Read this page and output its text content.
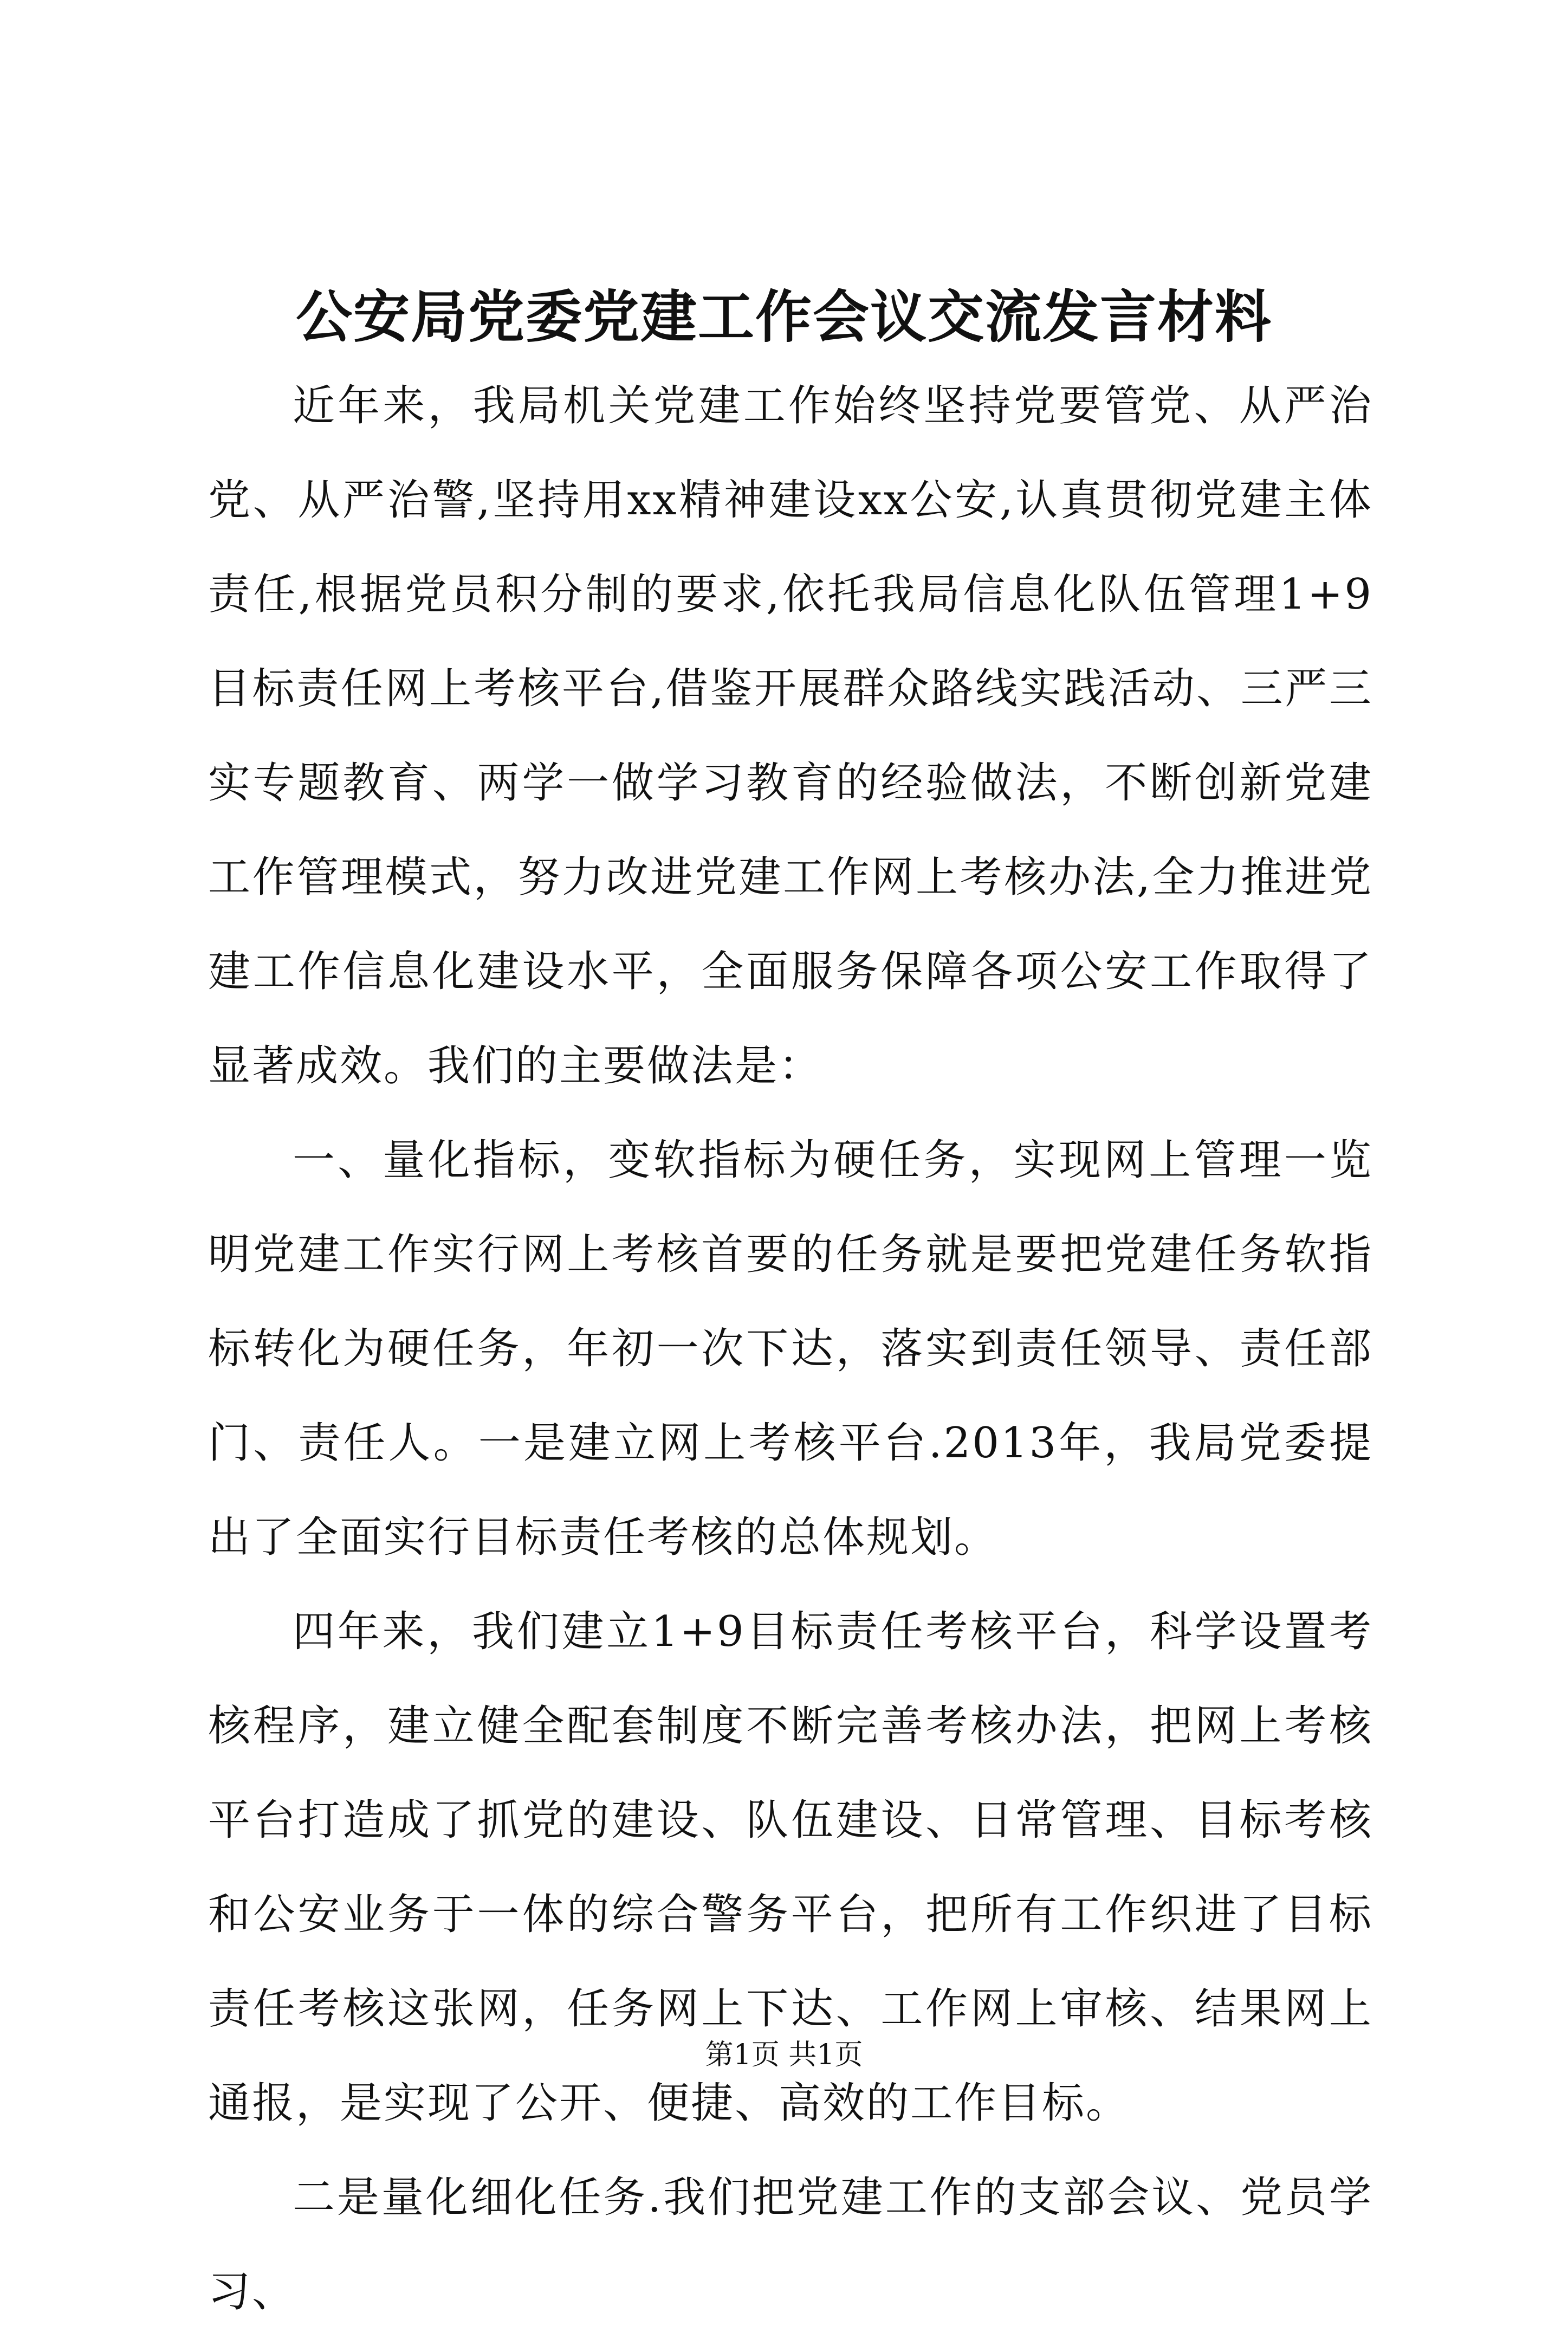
公安局党委党建工作会议交流发言材料

近年来，我局机关党建工作始终坚持党要管党、从严治党、从严治警,坚持用xx精神建设xx公安,认真贯彻党建主体责任,根据党员积分制的要求,依托我局信息化队伍管理1+9目标责任网上考核平台,借鉴开展群众路线实践活动、三严三实专题教育、两学一做学习教育的经验做法，不断创新党建工作管理模式，努力改进党建工作网上考核办法,全力推进党建工作信息化建设水平，全面服务保障各项公安工作取得了显著成效。我们的主要做法是：

一、量化指标，变软指标为硬任务，实现网上管理一览明党建工作实行网上考核首要的任务就是要把党建任务软指标转化为硬任务，年初一次下达，落实到责任领导、责任部门、责任人。一是建立网上考核平台.2013年，我局党委提出了全面实行目标责任考核的总体规划。

四年来，我们建立1+9目标责任考核平台，科学设置考核程序，建立健全配套制度不断完善考核办法，把网上考核平台打造成了抓党的建设、队伍建设、日常管理、目标考核和公安业务于一体的综合警务平台，把所有工作织进了目标责任考核这张网，任务网上下达、工作网上审核、结果网上通报，是实现了公开、便捷、高效的工作目标。

二是量化细化任务.我们把党建工作的支部会议、党员学习、

第1页 共1页
